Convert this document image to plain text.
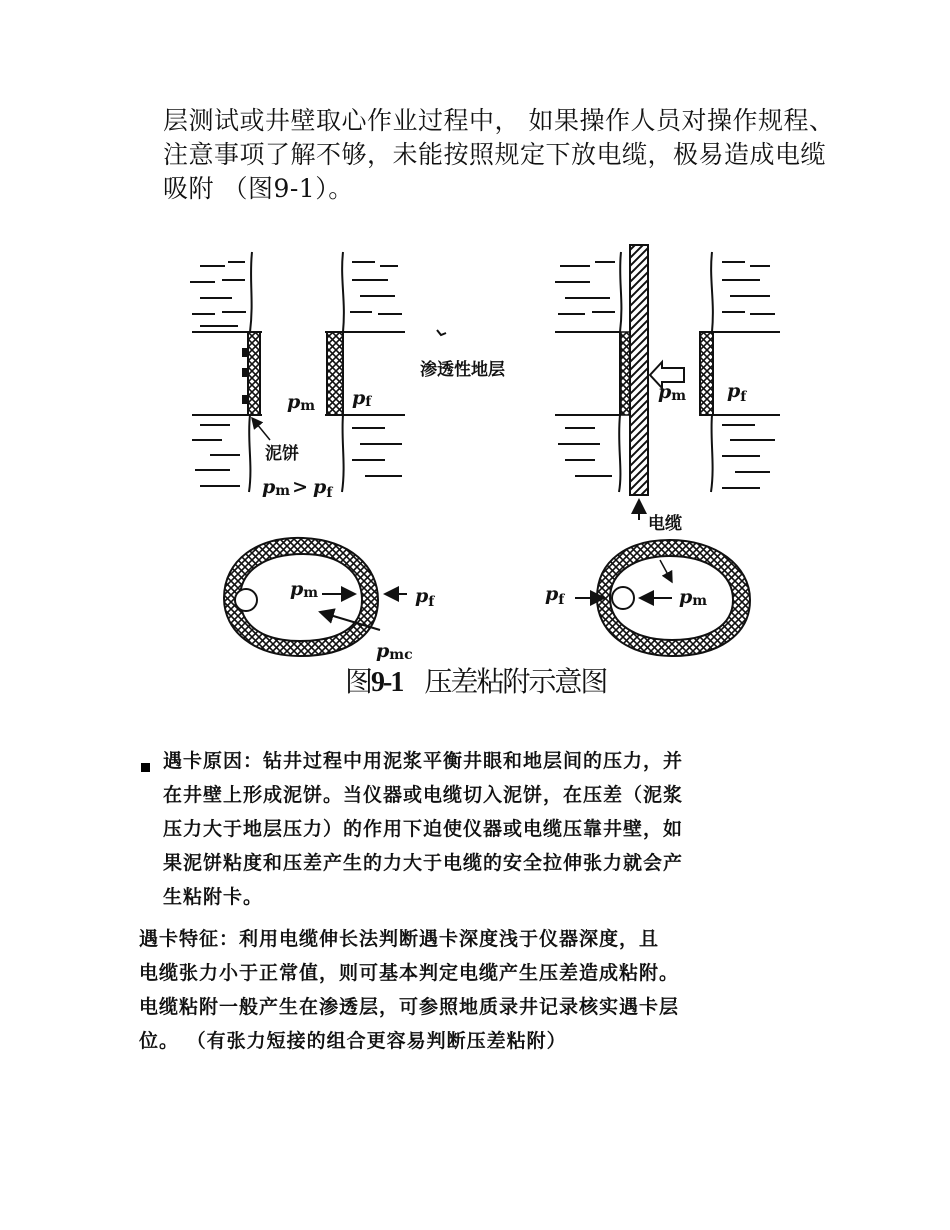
层测试或井壁取心作业过程中， 如果操作人员对操作规程、

注意事项了解不够，未能按照规定下放电缆，极易造成电缆

吸附 （图9-1）。

渗透性地层
泥饼
电缆
pm pf
pm > $p_f$
pm $p_f$
pm	$p_f$
pmc
$p_f$	pm
图9-1 压差粘附示意图

遇卡原因：钻井过程中用泥浆平衡井眼和地层间的压力，并

在井壁上形成泥饼。当仪器或电缆切入泥饼，在压差（泥浆

压力大于地层压力）的作用下迫使仪器或电缆压靠井壁，如

果泥饼粘度和压差产生的力大于电缆的安全拉伸张力就会产

生粘附卡。

遇卡特征：利用电缆伸长法判断遇卡深度浅于仪器深度，且

电缆张力小于正常值，则可基本判定电缆产生压差造成粘附。

电缆粘附一般产生在渗透层，可参照地质录井记录核实遇卡层

位。 （有张力短接的组合更容易判断压差粘附）
